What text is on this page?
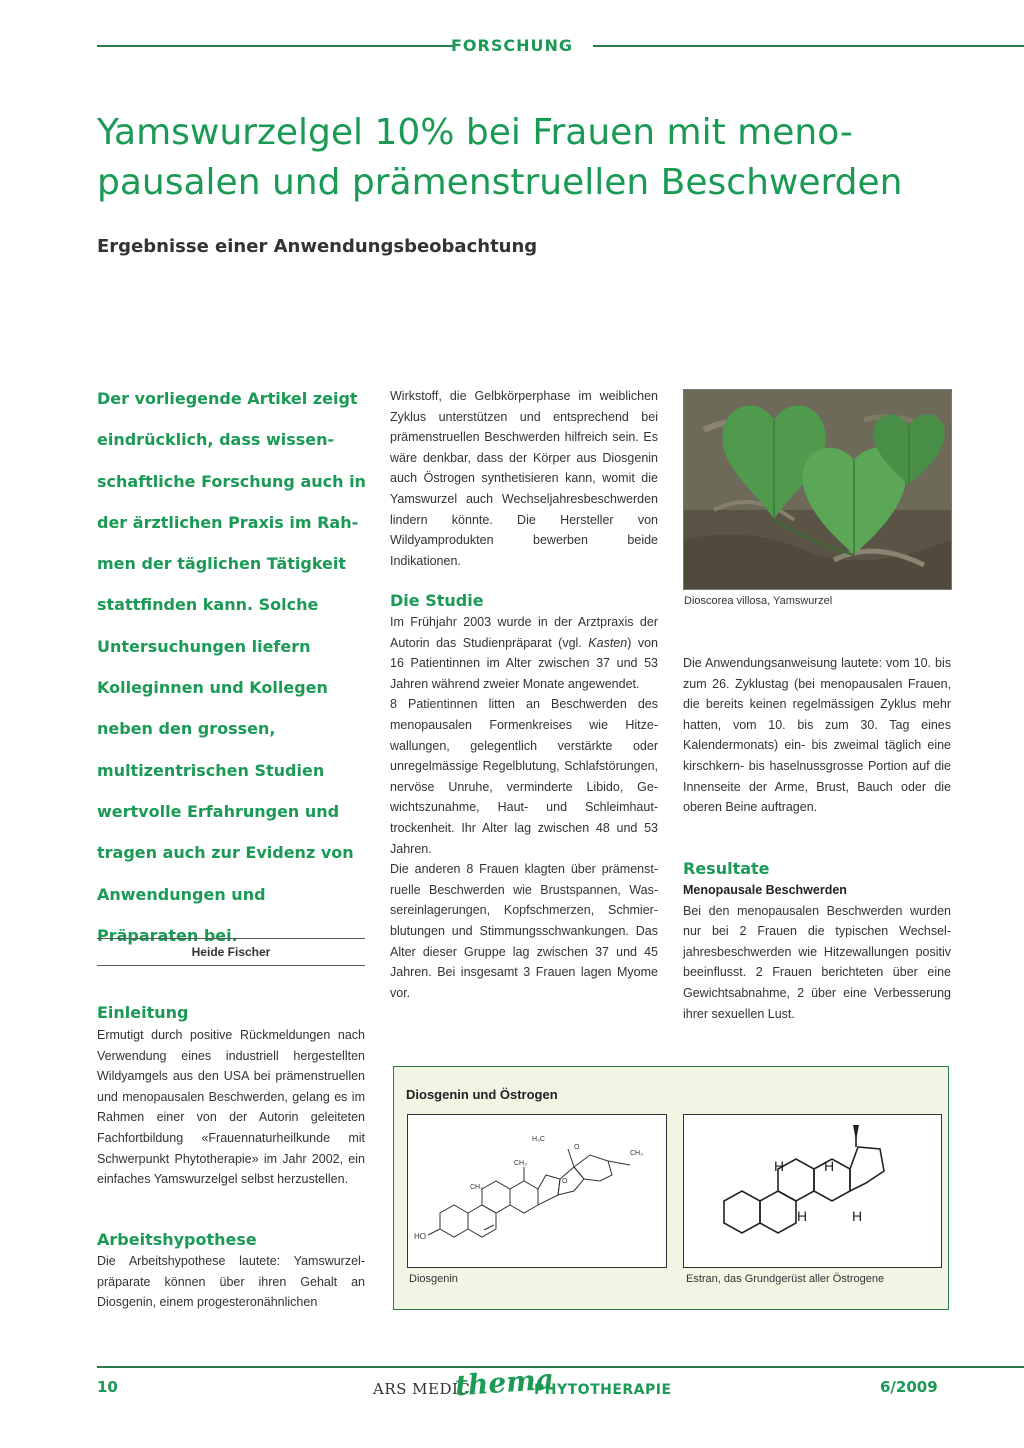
FORSCHUNG
Yamswurzelgel 10% bei Frauen mit meno-
pausalen und prämenstruellen Beschwerden
Ergebnisse einer Anwendungsbeobachtung
Der vorliegende Artikel zeigt eindrücklich, dass wissenschaftliche Forschung auch in der ärztlichen Praxis im Rahmen der täglichen Tätigkeit stattfinden kann. Solche Untersuchungen liefern Kolleginnen und Kollegen neben den grossen, multizentrischen Studien wertvolle Erfahrungen und tragen auch zur Evidenz von Anwendungen und Präparaten bei.
Heide Fischer
Einleitung
Ermutigt durch positive Rückmeldungen nach Verwendung eines industriell hergestellten Wildyamgels aus den USA bei prämenstruellen und menopausalen Beschwerden, gelang es im Rahmen einer von der Autorin geleiteten Fachfortbildung «Frauennaturheilkunde mit Schwerpunkt Phytotherapie» im Jahr 2002, ein einfaches Yamswurzelgel selbst herzustellen.
Arbeitshypothese
Die Arbeitshypothese lautete: Yamswurzelpräparate können über ihren Gehalt an Diosgenin, einem progesteronähnlichen
Wirkstoff, die Gelbkörperphase im weiblichen Zyklus unterstützen und entsprechend bei prämenstruellen Beschwerden hilfreich sein. Es wäre denkbar, dass der Körper aus Diosgenin auch Östrogen synthetisieren kann, womit die Yamswurzel auch Wechseljahresbeschwerden lindern könnte. Die Hersteller von Wildyamprodukten bewerben beide Indikationen.
Die Studie

Im Frühjahr 2003 wurde in der Arztpraxis der Autorin das Studienpräparat (vgl. Kasten) von 16 Patientinnen im Alter zwischen 37 und 53 Jahren während zweier Monate angewendet.

8 Patientinnen litten an Beschwerden des menopausalen Formenkreises wie Hitzewallungen, gelegentlich verstärkte oder unregelmässige Regelblutung, Schlafstörungen, nervöse Unruhe, verminderte Libido, Gewichtszunahme, Haut- und Schleimhauttrockenheit. Ihr Alter lag zwischen 48 und 53 Jahren.

Die anderen 8 Frauen klagten über prämenstruelle Beschwerden wie Brustspannen, Wassereinlagerungen, Kopfschmerzen, Schmierblutungen und Stimmungsschwankungen. Das Alter dieser Gruppe lag zwischen 37 und 45 Jahren. Bei insgesamt 3 Frauen lagen Myome vor.

Dioscorea villosa, Yamswurzel
Die Anwendungsanweisung lautete: vom 10. bis zum 26. Zyklustag (bei menopausalen Frauen, die bereits keinen regelmässigen Zyklus mehr hatten, vom 10. bis zum 30. Tag eines Kalendermonats) ein- bis zweimal täglich eine kirschkern- bis haselnussgrosse Portion auf die Innenseite der Arme, Brust, Bauch oder die oberen Beine auftragen.
Resultate

Menopausale Beschwerden

Bei den menopausalen Beschwerden wurden nur bei 2 Frauen die typischen Wechseljahresbeschwerden wie Hitzewallungen positiv beeinflusst. 2 Frauen berichteten über eine Gewichtsabnahme, 2 über eine Verbesserung ihrer sexuellen Lust.

Diosgenin und Östrogen
HO
CH₃
CH₃
H₃C
CH₃
O
O
Diosgenin
H	H
H	H
Estran, das Grundgerüst aller Östrogene
10	ARS MEDICI
thema
PHYTOTHERAPIE	6/2009
